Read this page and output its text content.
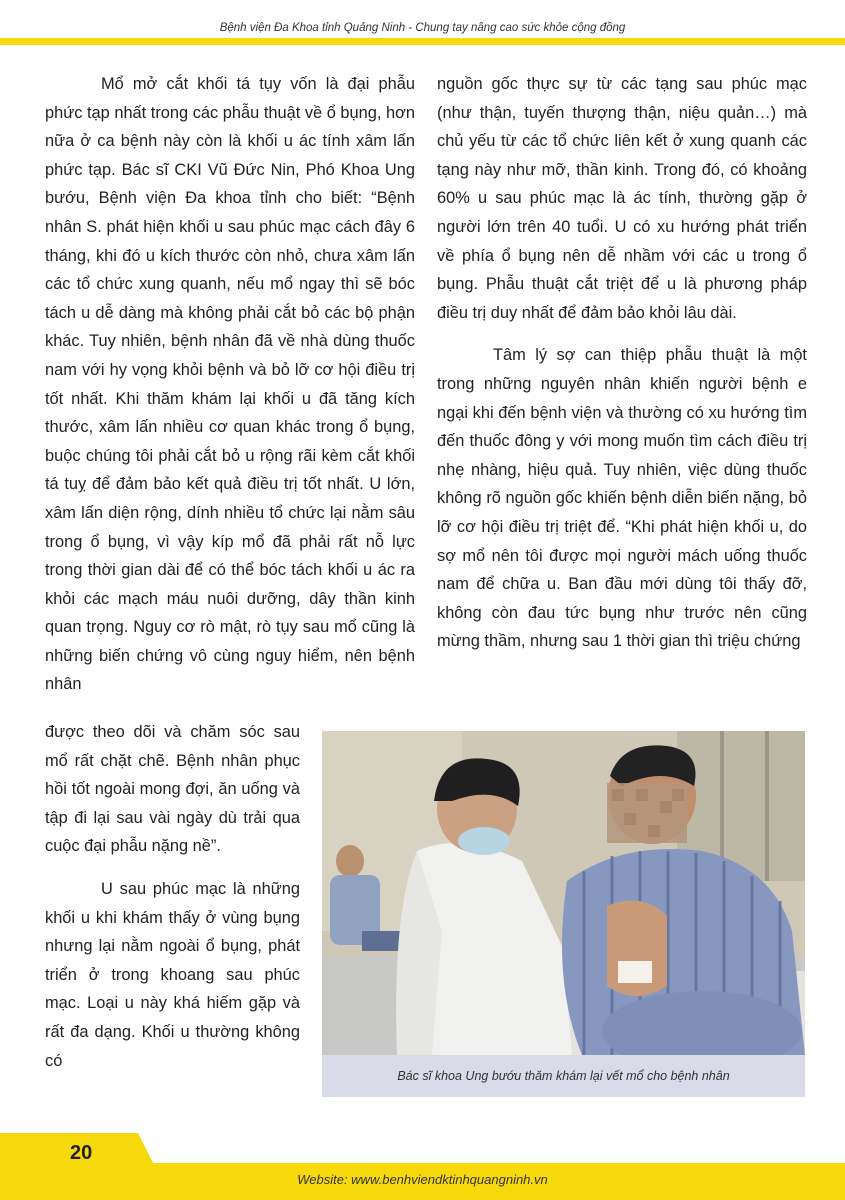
Bệnh viện Đa Khoa tỉnh Quảng Ninh - Chung tay nâng cao sức khỏe cộng đồng

Mổ mở cắt khối tá tụy vốn là đại phẫu phức tạp nhất trong các phẫu thuật về ổ bụng, hơn nữa ở ca bệnh này còn là khối u ác tính xâm lấn phức tạp. Bác sĩ CKI Vũ Đức Nin, Phó Khoa Ung bướu, Bệnh viện Đa khoa tỉnh cho biết: “Bệnh nhân S. phát hiện khối u sau phúc mạc cách đây 6 tháng, khi đó u kích thước còn nhỏ, chưa xâm lấn các tổ chức xung quanh, nếu mổ ngay thì sẽ bóc tách u dễ dàng mà không phải cắt bỏ các bộ phận khác. Tuy nhiên, bệnh nhân đã về nhà dùng thuốc nam với hy vọng khỏi bệnh và bỏ lỡ cơ hội điều trị tốt nhất. Khi thăm khám lại khối u đã tăng kích thước, xâm lấn nhiều cơ quan khác trong ổ bụng, buộc chúng tôi phải cắt bỏ u rộng rãi kèm cắt khối tá tuỵ để đảm bảo kết quả điều trị tốt nhất. U lớn, xâm lấn diện rộng, dính nhiều tổ chức lại nằm sâu trong ổ bụng, vì vậy kíp mổ đã phải rất nỗ lực trong thời gian dài để có thể bóc tách khối u ác ra khỏi các mạch máu nuôi dưỡng, dây thần kinh quan trọng. Nguy cơ rò mật, rò tụy sau mổ cũng là những biến chứng vô cùng nguy hiểm, nên bệnh nhân

được theo dõi và chăm sóc sau mổ rất chặt chẽ. Bệnh nhân phục hồi tốt ngoài mong đợi, ăn uống và tập đi lại sau vài ngày dù trải qua cuộc đại phẫu nặng nề”.

U sau phúc mạc là những khối u khi khám thấy ở vùng bụng nhưng lại nằm ngoài ổ bụng, phát triển ở trong khoang sau phúc mạc. Loại u này khá hiếm gặp và rất đa dạng. Khối u thường không có

nguồn gốc thực sự từ các tạng sau phúc mạc (như thận, tuyến thượng thận, niệu quản…) mà chủ yếu từ các tổ chức liên kết ở xung quanh các tạng này như mỡ, thần kinh. Trong đó, có khoảng 60% u sau phúc mạc là ác tính, thường gặp ở người lớn trên 40 tuổi. U có xu hướng phát triển về phía ổ bụng nên dễ nhầm với các u trong ổ bụng. Phẫu thuật cắt triệt để u là phương pháp điều trị duy nhất để đảm bảo khỏi lâu dài.

Tâm lý sợ can thiệp phẫu thuật là một trong những nguyên nhân khiến người bệnh e ngại khi đến bệnh viện và thường có xu hướng tìm đến thuốc đông y với mong muốn tìm cách điều trị nhẹ nhàng, hiệu quả. Tuy nhiên, việc dùng thuốc không rõ nguồn gốc khiến bệnh diễn biến nặng, bỏ lỡ cơ hội điều trị triệt để. “Khi phát hiện khối u, do sợ mổ nên tôi được mọi người mách uống thuốc nam để chữa u. Ban đầu mới dùng tôi thấy đỡ, không còn đau tức bụng như trước nên cũng mừng thầm, nhưng sau 1 thời gian thì triệu chứng

Bác sĩ khoa Ung bướu thăm khám lại vết mổ cho bệnh nhân
20
Website: www.benhviendktinhquangninh.vn
